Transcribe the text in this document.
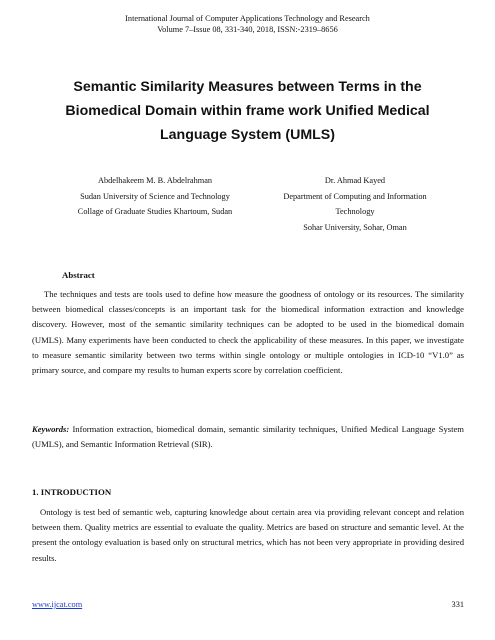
International Journal of Computer Applications Technology and Research
Volume 7–Issue 08, 331-340, 2018, ISSN:-2319–8656
Semantic Similarity Measures between Terms in the
Biomedical Domain within frame work Unified Medical
Language System (UMLS)
Abdelhakeem M. B. Abdelrahman
Sudan University of Science and Technology
Collage of Graduate Studies Khartoum, Sudan
Dr. Ahmad Kayed
Department of Computing and Information
Technology
Sohar University, Sohar, Oman
Abstract

The techniques and tests are tools used to define how measure the goodness of ontology or its resources. The similarity between biomedical classes/concepts is an important task for the biomedical information extraction and knowledge discovery. However, most of the semantic similarity techniques can be adopted to be used in the biomedical domain (UMLS). Many experiments have been conducted to check the applicability of these measures. In this paper, we investigate to measure semantic similarity between two terms within single ontology or multiple ontologies in ICD-10 “V1.0” as primary source, and compare my results to human experts score by correlation coefficient.

Keywords: Information extraction, biomedical domain, semantic similarity techniques, Unified Medical Language System (UMLS), and Semantic Information Retrieval (SIR).
1. INTRODUCTION

Ontology is test bed of semantic web, capturing knowledge about certain area via providing relevant concept and relation between them. Quality metrics are essential to evaluate the quality. Metrics are based on structure and semantic level. At the present the ontology evaluation is based only on structural metrics, which has not been very appropriate in providing desired results.

www.ijcat.com	331
